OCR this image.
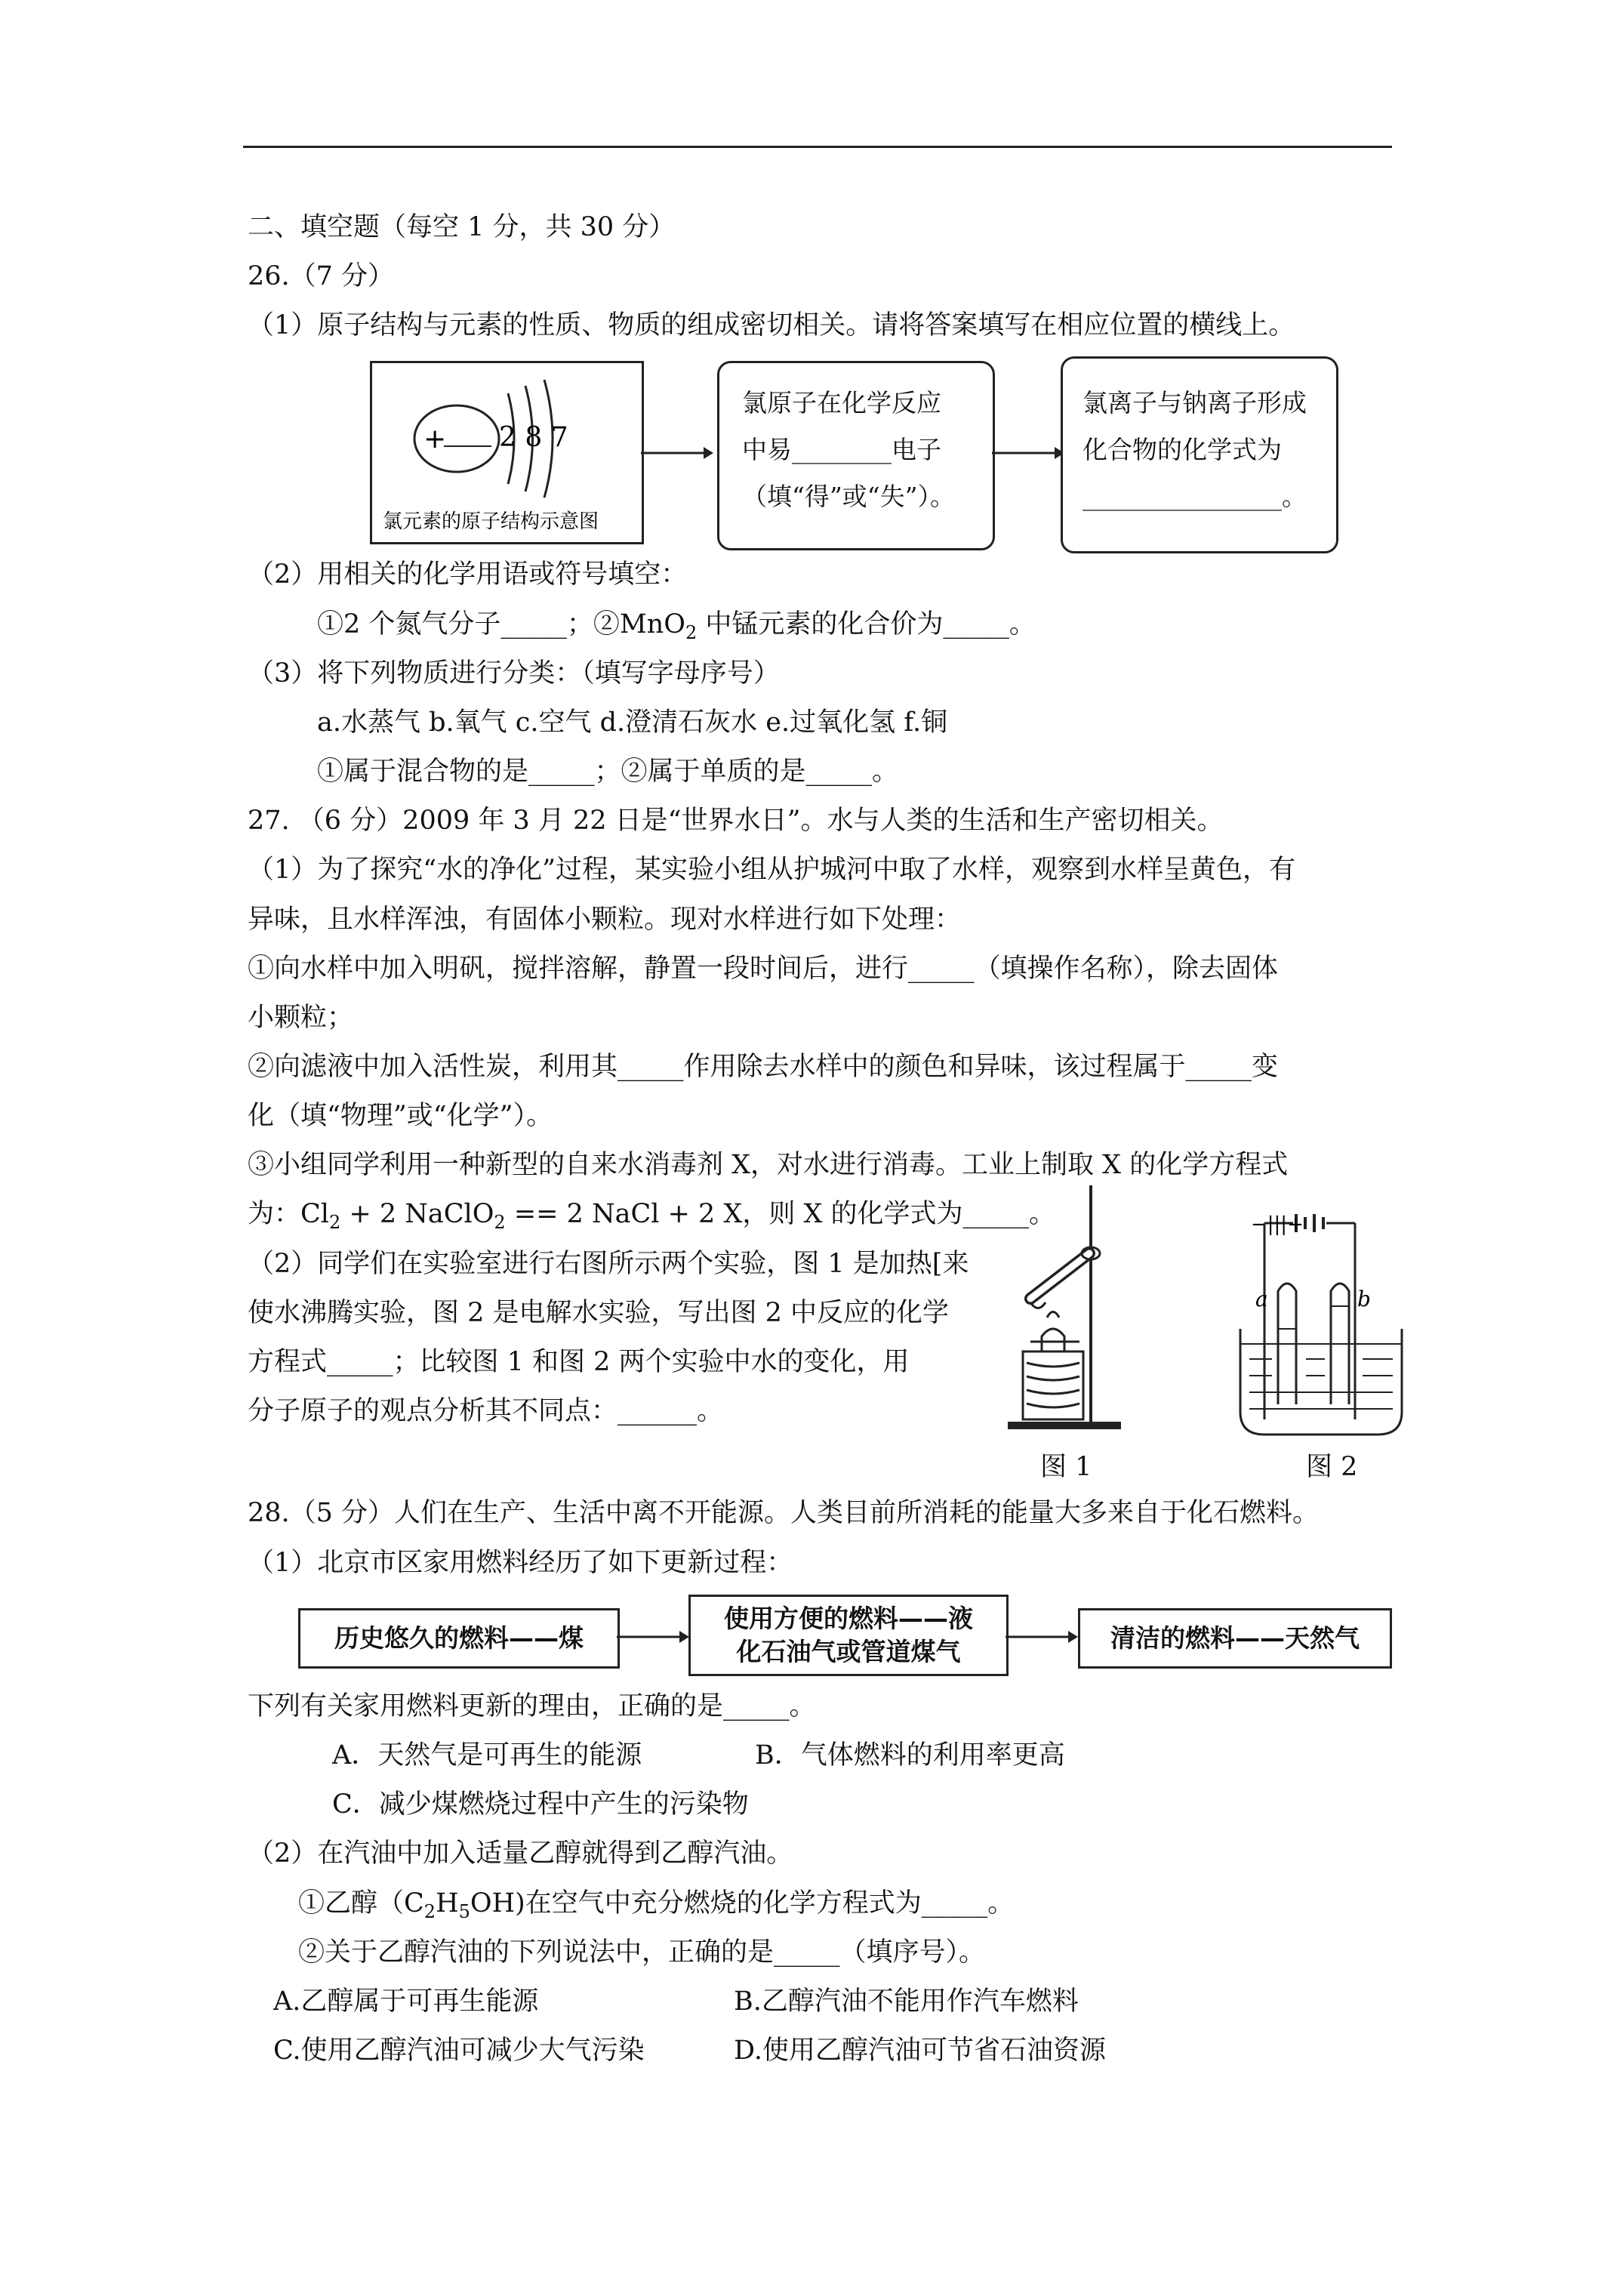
二、填空题（每空 1 分，共 30 分）
26.（7 分）
（1）原子结构与元素的性质、物质的组成密切相关。请将答案填写在相应位置的横线上。
+ 2 8 7
氯元素的原子结构示意图
氯原子在化学反应
中易________电子
（填“得”或“失”）。
氯离子与钠离子形成
化合物的化学式为
________________。
（2）用相关的化学用语或符号填空：
①2 个氮气分子_____；②MnO$_2$ 中锰元素的化合价为_____。
（3）将下列物质进行分类：（填写字母序号）
a.水蒸气 b.氧气 c.空气 d.澄清石灰水 e.过氧化氢 f.铜
①属于混合物的是_____；②属于单质的是_____。
27. （6 分）2009 年 3 月 22 日是“世界水日”。水与人类的生活和生产密切相关。
（1）为了探究“水的净化”过程，某实验小组从护城河中取了水样，观察到水样呈黄色，有
异味，且水样浑浊，有固体小颗粒。现对水样进行如下处理：
①向水样中加入明矾，搅拌溶解，静置一段时间后，进行_____（填操作名称），除去固体
小颗粒；
②向滤液中加入活性炭，利用其_____作用除去水样中的颜色和异味，该过程属于_____变
化（填“物理”或“化学”）。
③小组同学利用一种新型的自来水消毒剂 X，对水进行消毒。工业上制取 X 的化学方程式
为：$Cl_2 + 2$ NaClO$_2$ == 2 NaCl + 2 X，则 X 的化学式为_____。
（2）同学们在实验室进行右图所示两个实验，图 1 是加热[来
使水沸腾实验，图 2 是电解水实验，写出图 2 中反应的化学
方程式_____；比较图 1 和图 2 两个实验中水的变化，用
分子原子的观点分析其不同点：______。
图 1
−|||+
a	b
图 2
28.（5 分）人们在生产、生活中离不开能源。人类目前所消耗的能量大多来自于化石燃料。
（1）北京市区家用燃料经历了如下更新过程：
历史悠久的燃料——煤
使用方便的燃料——液
化石油气或管道煤气	清洁的燃料——天然气
下列有关家用燃料更新的理由，正确的是_____。
A．天然气是可再生的能源	B．气体燃料的利用率更高
C．减少煤燃烧过程中产生的污染物
（2）在汽油中加入适量乙醇就得到乙醇汽油。
①乙醇$(C_2H_5OH)$在空气中充分燃烧的化学方程式为_____。
②关于乙醇汽油的下列说法中，正确的是_____（填序号）。
A.乙醇属于可再生能源	B.乙醇汽油不能用作汽车燃料
C.使用乙醇汽油可减少大气污染	D.使用乙醇汽油可节省石油资源
